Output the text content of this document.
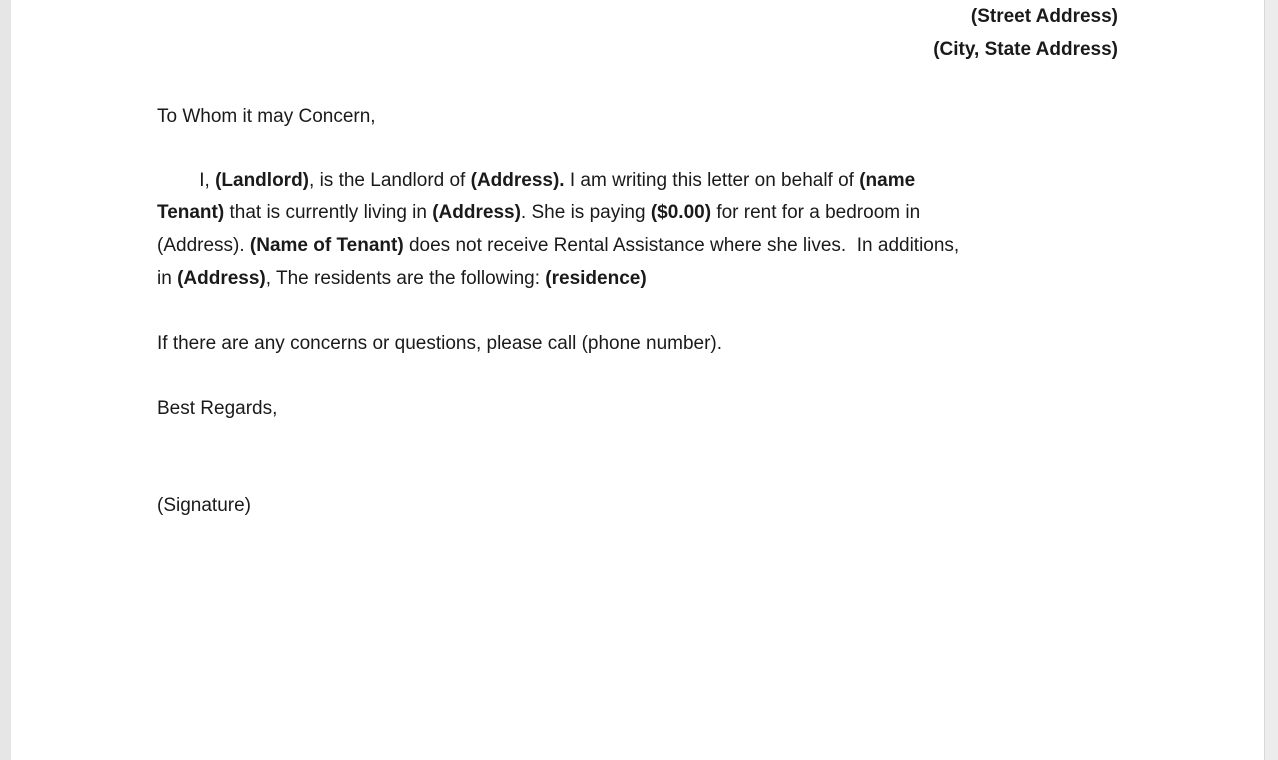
(Street Address)
(City, State Address)
To Whom it may Concern,
I, (Landlord), is the Landlord of (Address). I am writing this letter on behalf of (name
Tenant) that is currently living in (Address). She is paying ($0.00) for rent for a bedroom in
(Address). (Name of Tenant) does not receive Rental Assistance where she lives.  In additions,
in (Address), The residents are the following: (residence)
If there are any concerns or questions, please call (phone number).
Best Regards,
(Signature)
